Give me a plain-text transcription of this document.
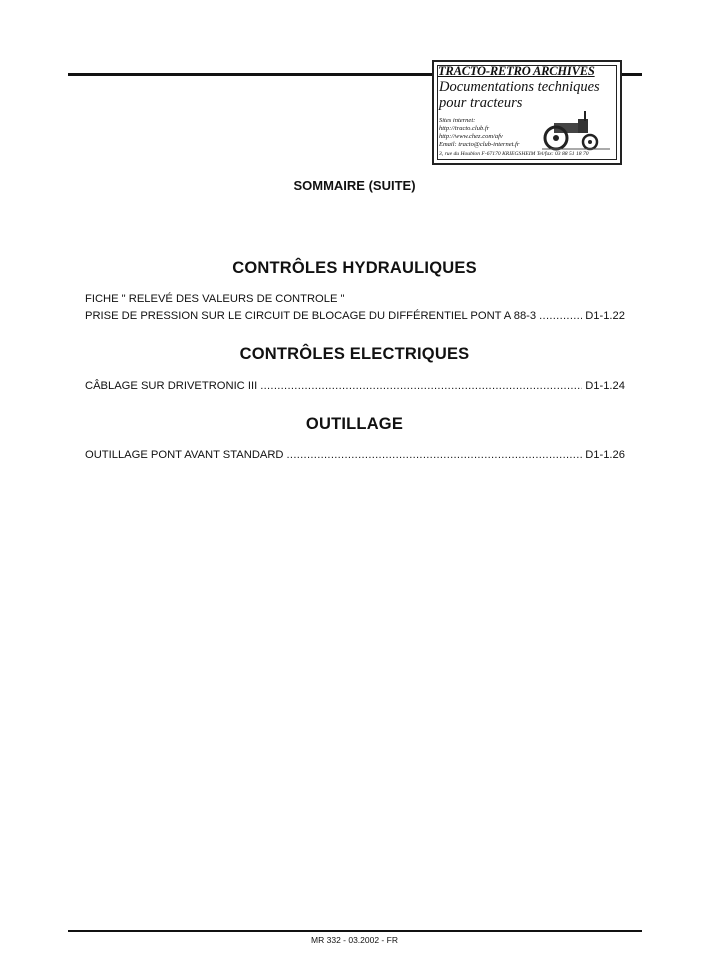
TRACTO-RETRO ARCHIVES
Documentations techniques
pour tracteurs
Sites internet:
http://tracto.club.fr
http://www.chez.com/afv
Email: tracto@club-internet.fr
3, rue du Houblon F-67170 KRIEGSHEIM Tel/fax: 03 88 51 18 70
SOMMAIRE (SUITE)
CONTRÔLES HYDRAULIQUES
FICHE " RELEVÉ DES VALEURS DE CONTROLE "
PRISE DE PRESSION SUR LE CIRCUIT DE BLOCAGE DU DIFFÉRENTIEL PONT A 88-3 .....	D1-1.22
CONTRÔLES ELECTRIQUES
CÂBLAGE SUR DRIVETRONIC III .....	D1-1.24
OUTILLAGE
OUTILLAGE PONT AVANT STANDARD .....	D1-1.26
MR 332 - 03.2002 - FR
